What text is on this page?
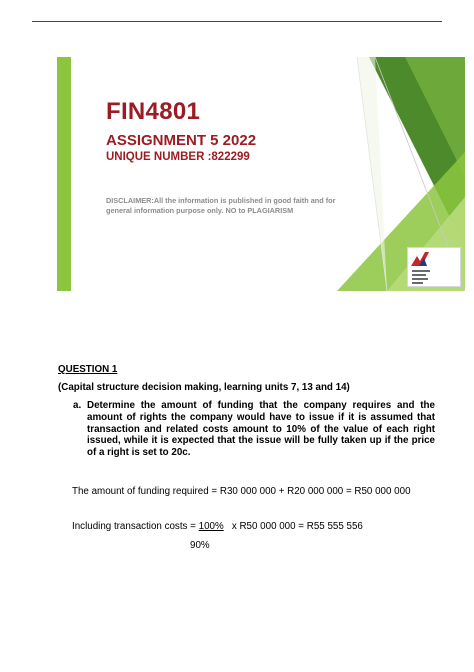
FIN4801
ASSIGNMENT 5 2022
UNIQUE NUMBER :822299
DISCLAIMER:All the information is published in good faith and for general information purpose only. NO to PLAGIARISM
QUESTION 1
(Capital structure decision making, learning units 7, 13 and 14)
a. Determine the amount of funding that the company requires and the amount of rights the company would have to issue if it is assumed that transaction and related costs amount to 10% of the value of each right issued, while it is expected that the issue will be fully taken up if the price of a right is set to 20c.
The amount of funding required = R30 000 000 + R20 000 000 = R50 000 000
Including transaction costs = 100%   x R50 000 000 = R55 555 556
90%
